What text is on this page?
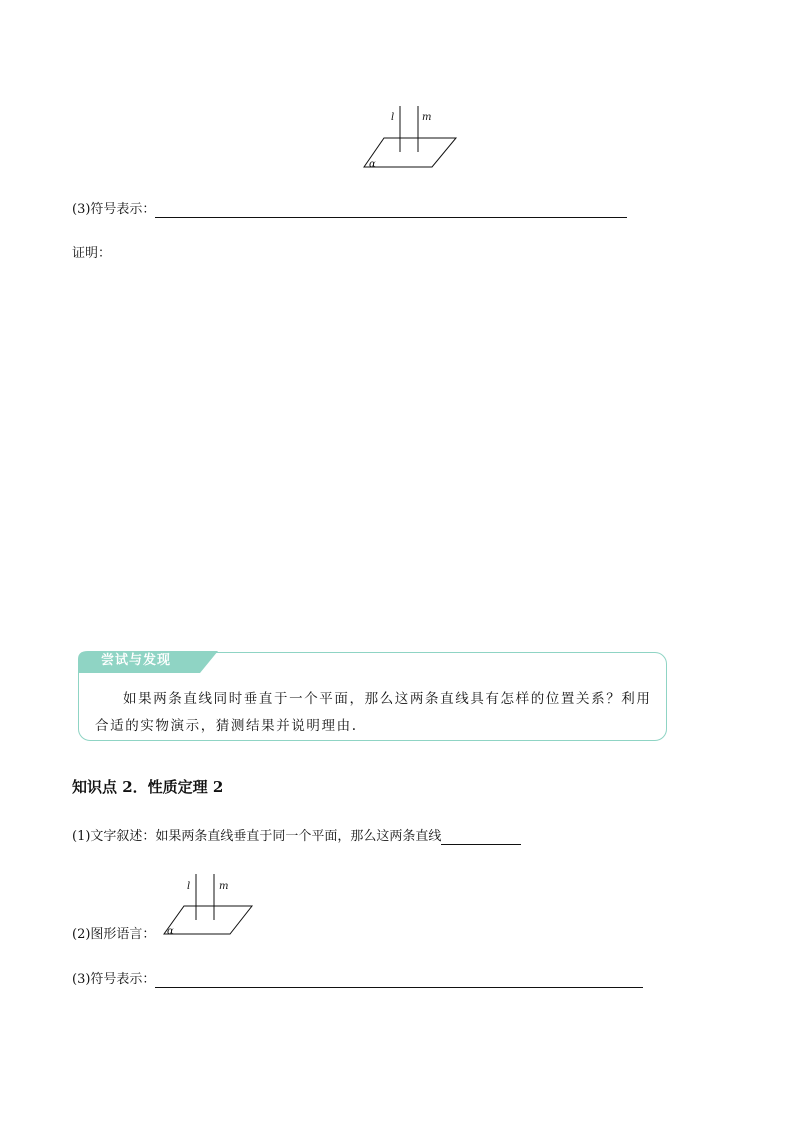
l	m
α
(3)符号表示：
证明：
尝试与发现
如果两条直线同时垂直于一个平面，那么这两条直线具有怎样的位置关系？利用合适的实物演示，猜测结果并说明理由.
知识点 2．性质定理 2
(1)文字叙述：如果两条直线垂直于同一个平面，那么这两条直线
l	m
α
(2)图形语言：
(3)符号表示：
